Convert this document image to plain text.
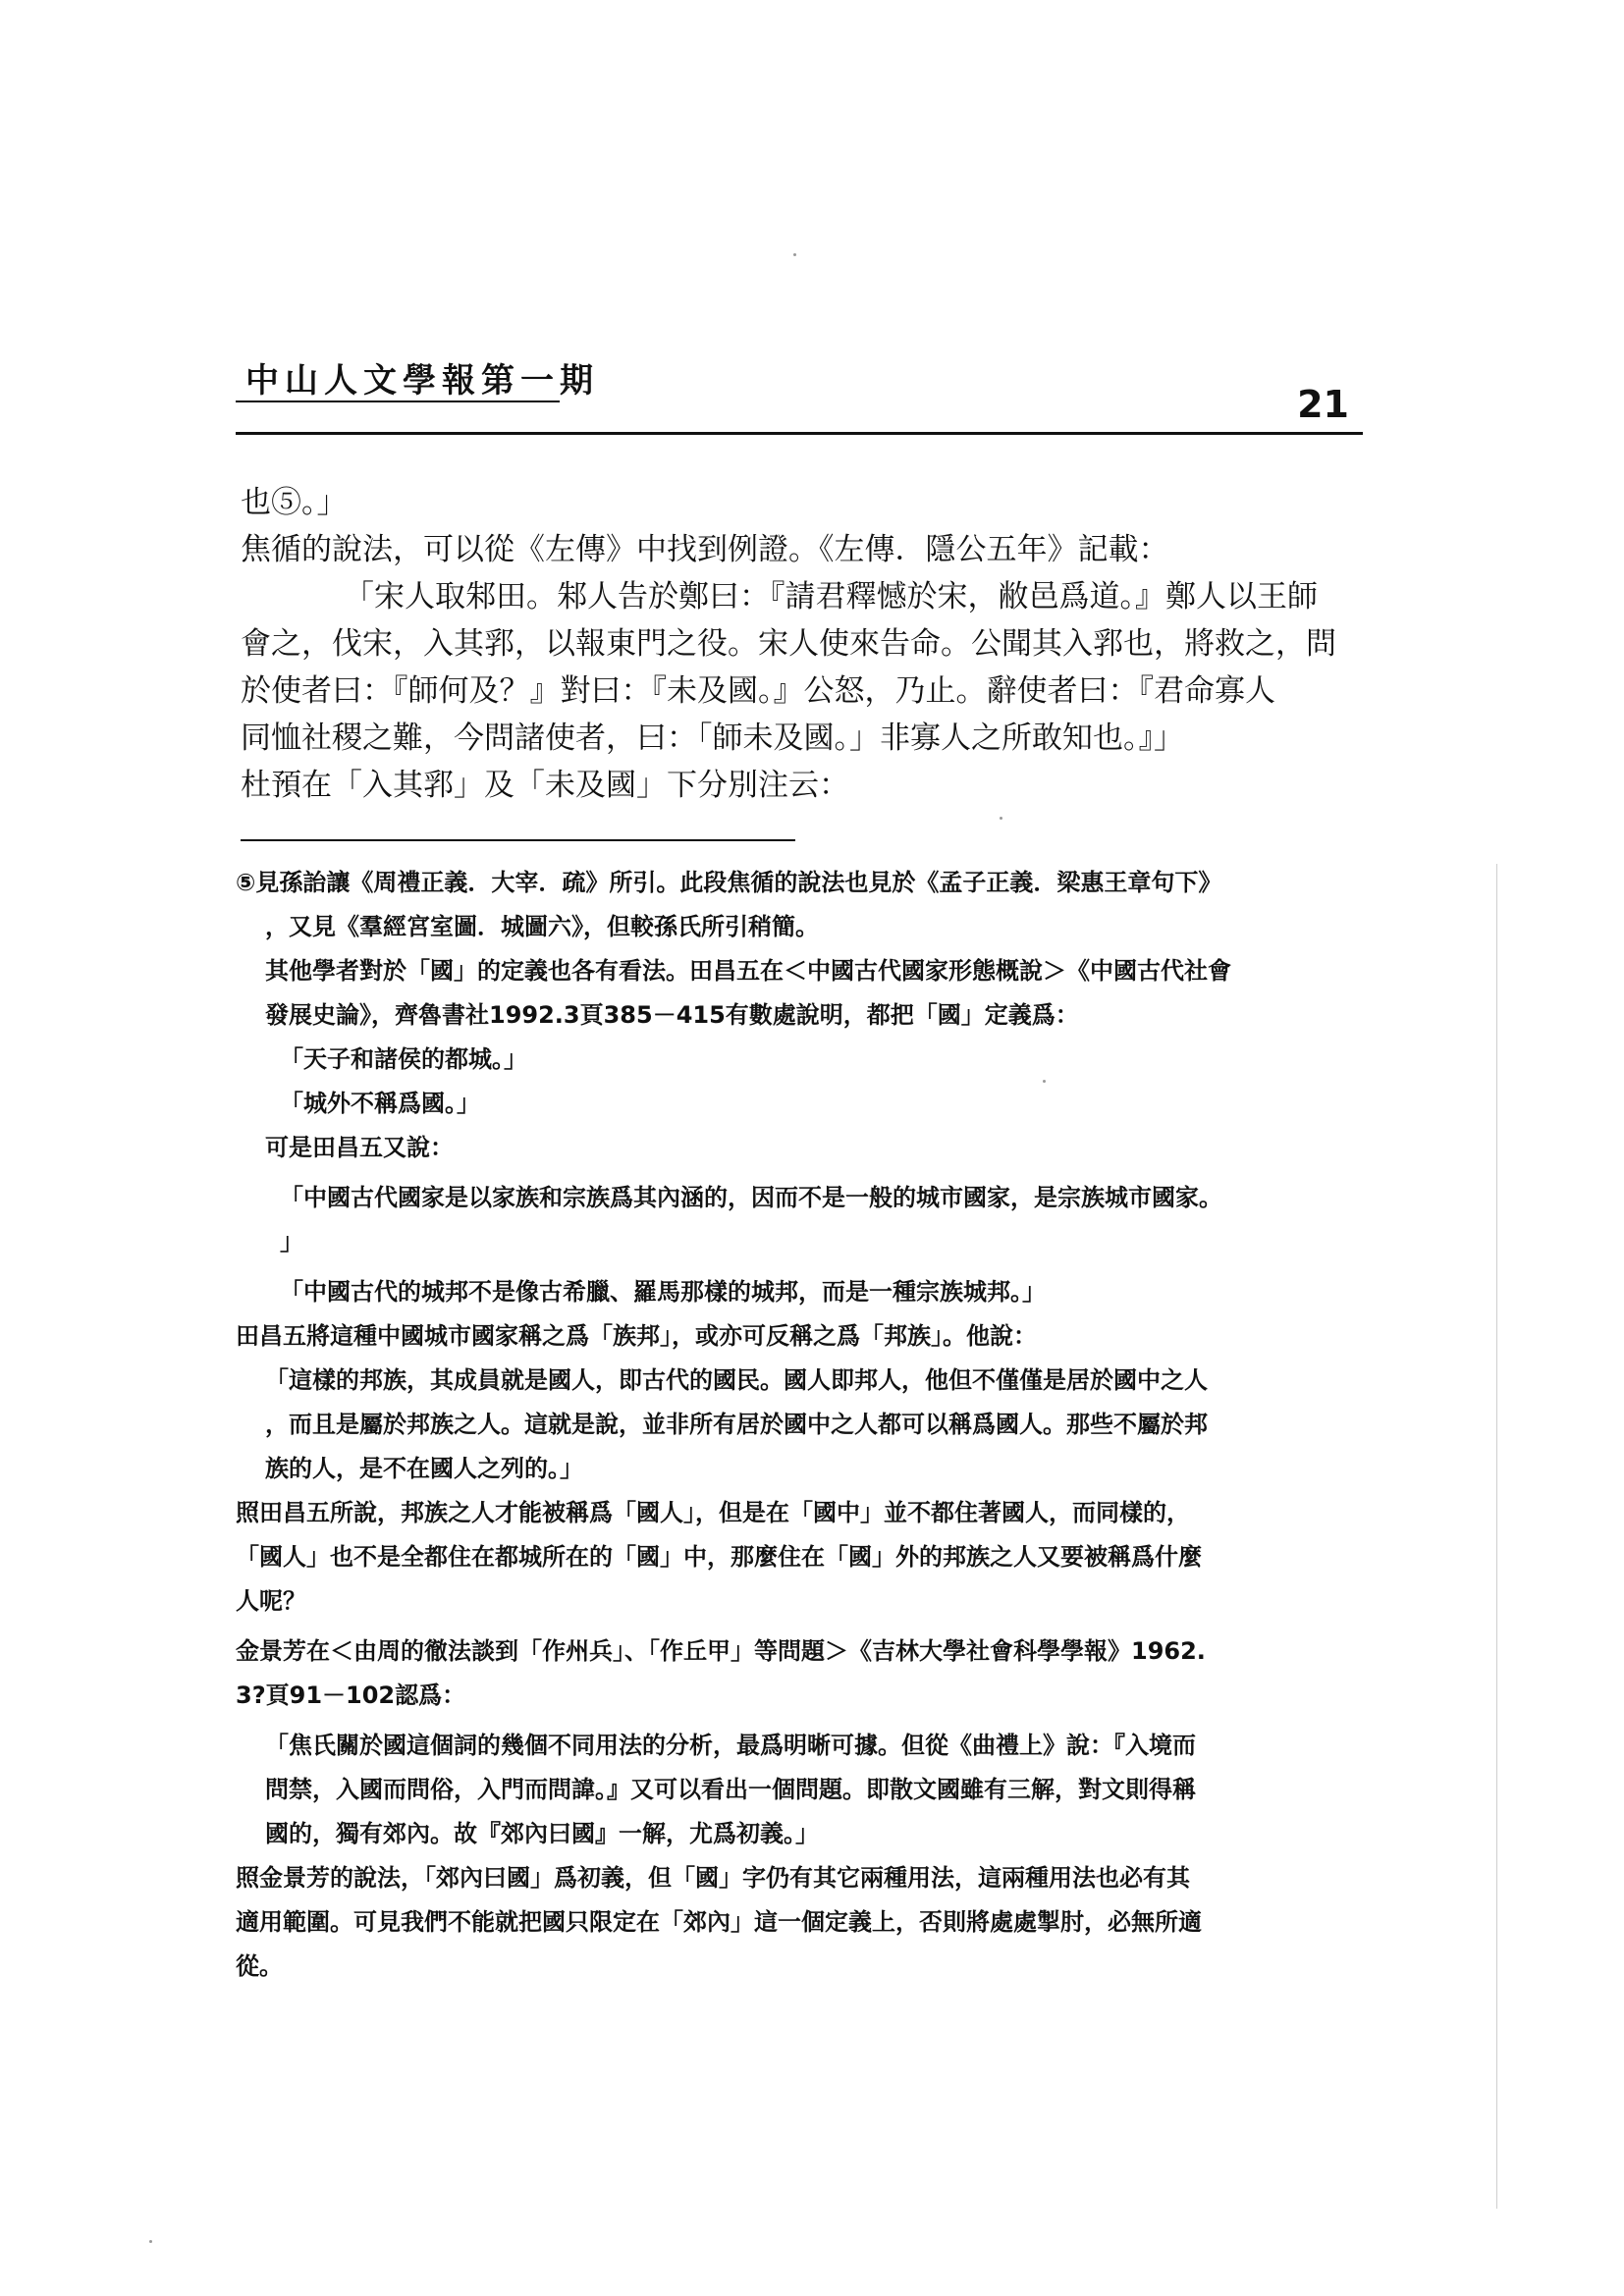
中山人文學報第一期
21

也⑤。」

焦循的說法，可以從《左傳》中找到例證。《左傳．隱公五年》記載：

「宋人取邾田。邾人告於鄭曰：『請君釋憾於宋，敝邑爲道。』鄭人以王師

會之，伐宋，入其郛，以報東門之役。宋人使來告命。公聞其入郛也，將救之，問

於使者曰：『師何及？』對曰：『未及國。』公怒，乃止。辭使者曰：『君命寡人

同恤社稷之難，今問諸使者，曰：「師未及國。」非寡人之所敢知也。』」

杜預在「入其郛」及「未及國」下分別注云：

⑤見孫詒讓《周禮正義．大宰．疏》所引。此段焦循的說法也見於《孟子正義．梁惠王章句下》

，又見《羣經宮室圖．城圖六》，但較孫氏所引稍簡。

其他學者對於「國」的定義也各有看法。田昌五在＜中國古代國家形態概說＞《中國古代社會

發展史論》，齊魯書社1992.3頁385－415有數處說明，都把「國」定義爲：

「天子和諸侯的都城。」

「城外不稱爲國。」

可是田昌五又說：

「中國古代國家是以家族和宗族爲其內涵的，因而不是一般的城市國家，是宗族城市國家。

」

「中國古代的城邦不是像古希臘、羅馬那樣的城邦，而是一種宗族城邦。」

田昌五將這種中國城市國家稱之爲「族邦」，或亦可反稱之爲「邦族」。他說：

「這樣的邦族，其成員就是國人，即古代的國民。國人即邦人，他但不僅僅是居於國中之人

，而且是屬於邦族之人。這就是說，並非所有居於國中之人都可以稱爲國人。那些不屬於邦

族的人，是不在國人之列的。」

照田昌五所說，邦族之人才能被稱爲「國人」，但是在「國中」並不都住著國人，而同樣的，

「國人」也不是全都住在都城所在的「國」中，那麼住在「國」外的邦族之人又要被稱爲什麼

人呢？

金景芳在＜由周的徹法談到「作州兵」、「作丘甲」等問題＞《吉林大學社會科學學報》1962.

3?頁91－102認爲：

「焦氏關於國這個詞的幾個不同用法的分析，最爲明晰可據。但從《曲禮上》說：『入境而

問禁，入國而問俗，入門而問諱。』又可以看出一個問題。即散文國雖有三解，對文則得稱

國的，獨有郊內。故『郊內曰國』一解，尤爲初義。」

照金景芳的說法，「郊內曰國」爲初義，但「國」字仍有其它兩種用法，這兩種用法也必有其

適用範圍。可見我們不能就把國只限定在「郊內」這一個定義上，否則將處處掣肘，必無所適

從。
